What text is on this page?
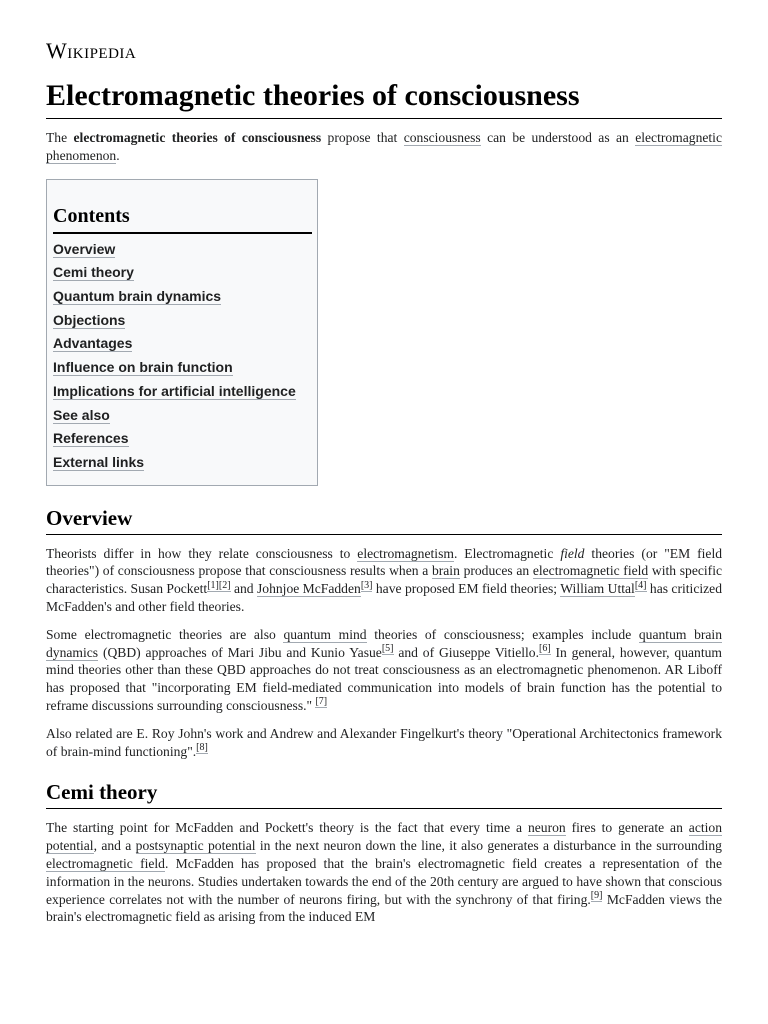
Wikipedia
Electromagnetic theories of consciousness

The electromagnetic theories of consciousness propose that consciousness can be understood as an electromagnetic phenomenon.

Contents
Overview
Cemi theory
Quantum brain dynamics
Objections
Advantages
Influence on brain function
Implications for artificial intelligence
See also
References
External links
Overview

Theorists differ in how they relate consciousness to electromagnetism. Electromagnetic field theories (or "EM field theories") of consciousness propose that consciousness results when a brain produces an electromagnetic field with specific characteristics. Susan Pockett[1][2] and Johnjoe McFadden[3] have proposed EM field theories; William Uttal[4] has criticized McFadden's and other field theories.

Some electromagnetic theories are also quantum mind theories of consciousness; examples include quantum brain dynamics (QBD) approaches of Mari Jibu and Kunio Yasue[5] and of Giuseppe Vitiello.[6] In general, however, quantum mind theories other than these QBD approaches do not treat consciousness as an electromagnetic phenomenon. AR Liboff has proposed that "incorporating EM field-mediated communication into models of brain function has the potential to reframe discussions surrounding consciousness." [7]

Also related are E. Roy John's work and Andrew and Alexander Fingelkurt's theory "Operational Architectonics framework of brain-mind functioning".[8]

Cemi theory

The starting point for McFadden and Pockett's theory is the fact that every time a neuron fires to generate an action potential, and a postsynaptic potential in the next neuron down the line, it also generates a disturbance in the surrounding electromagnetic field. McFadden has proposed that the brain's electromagnetic field creates a representation of the information in the neurons. Studies undertaken towards the end of the 20th century are argued to have shown that conscious experience correlates not with the number of neurons firing, but with the synchrony of that firing.[9] McFadden views the brain's electromagnetic field as arising from the induced EM
